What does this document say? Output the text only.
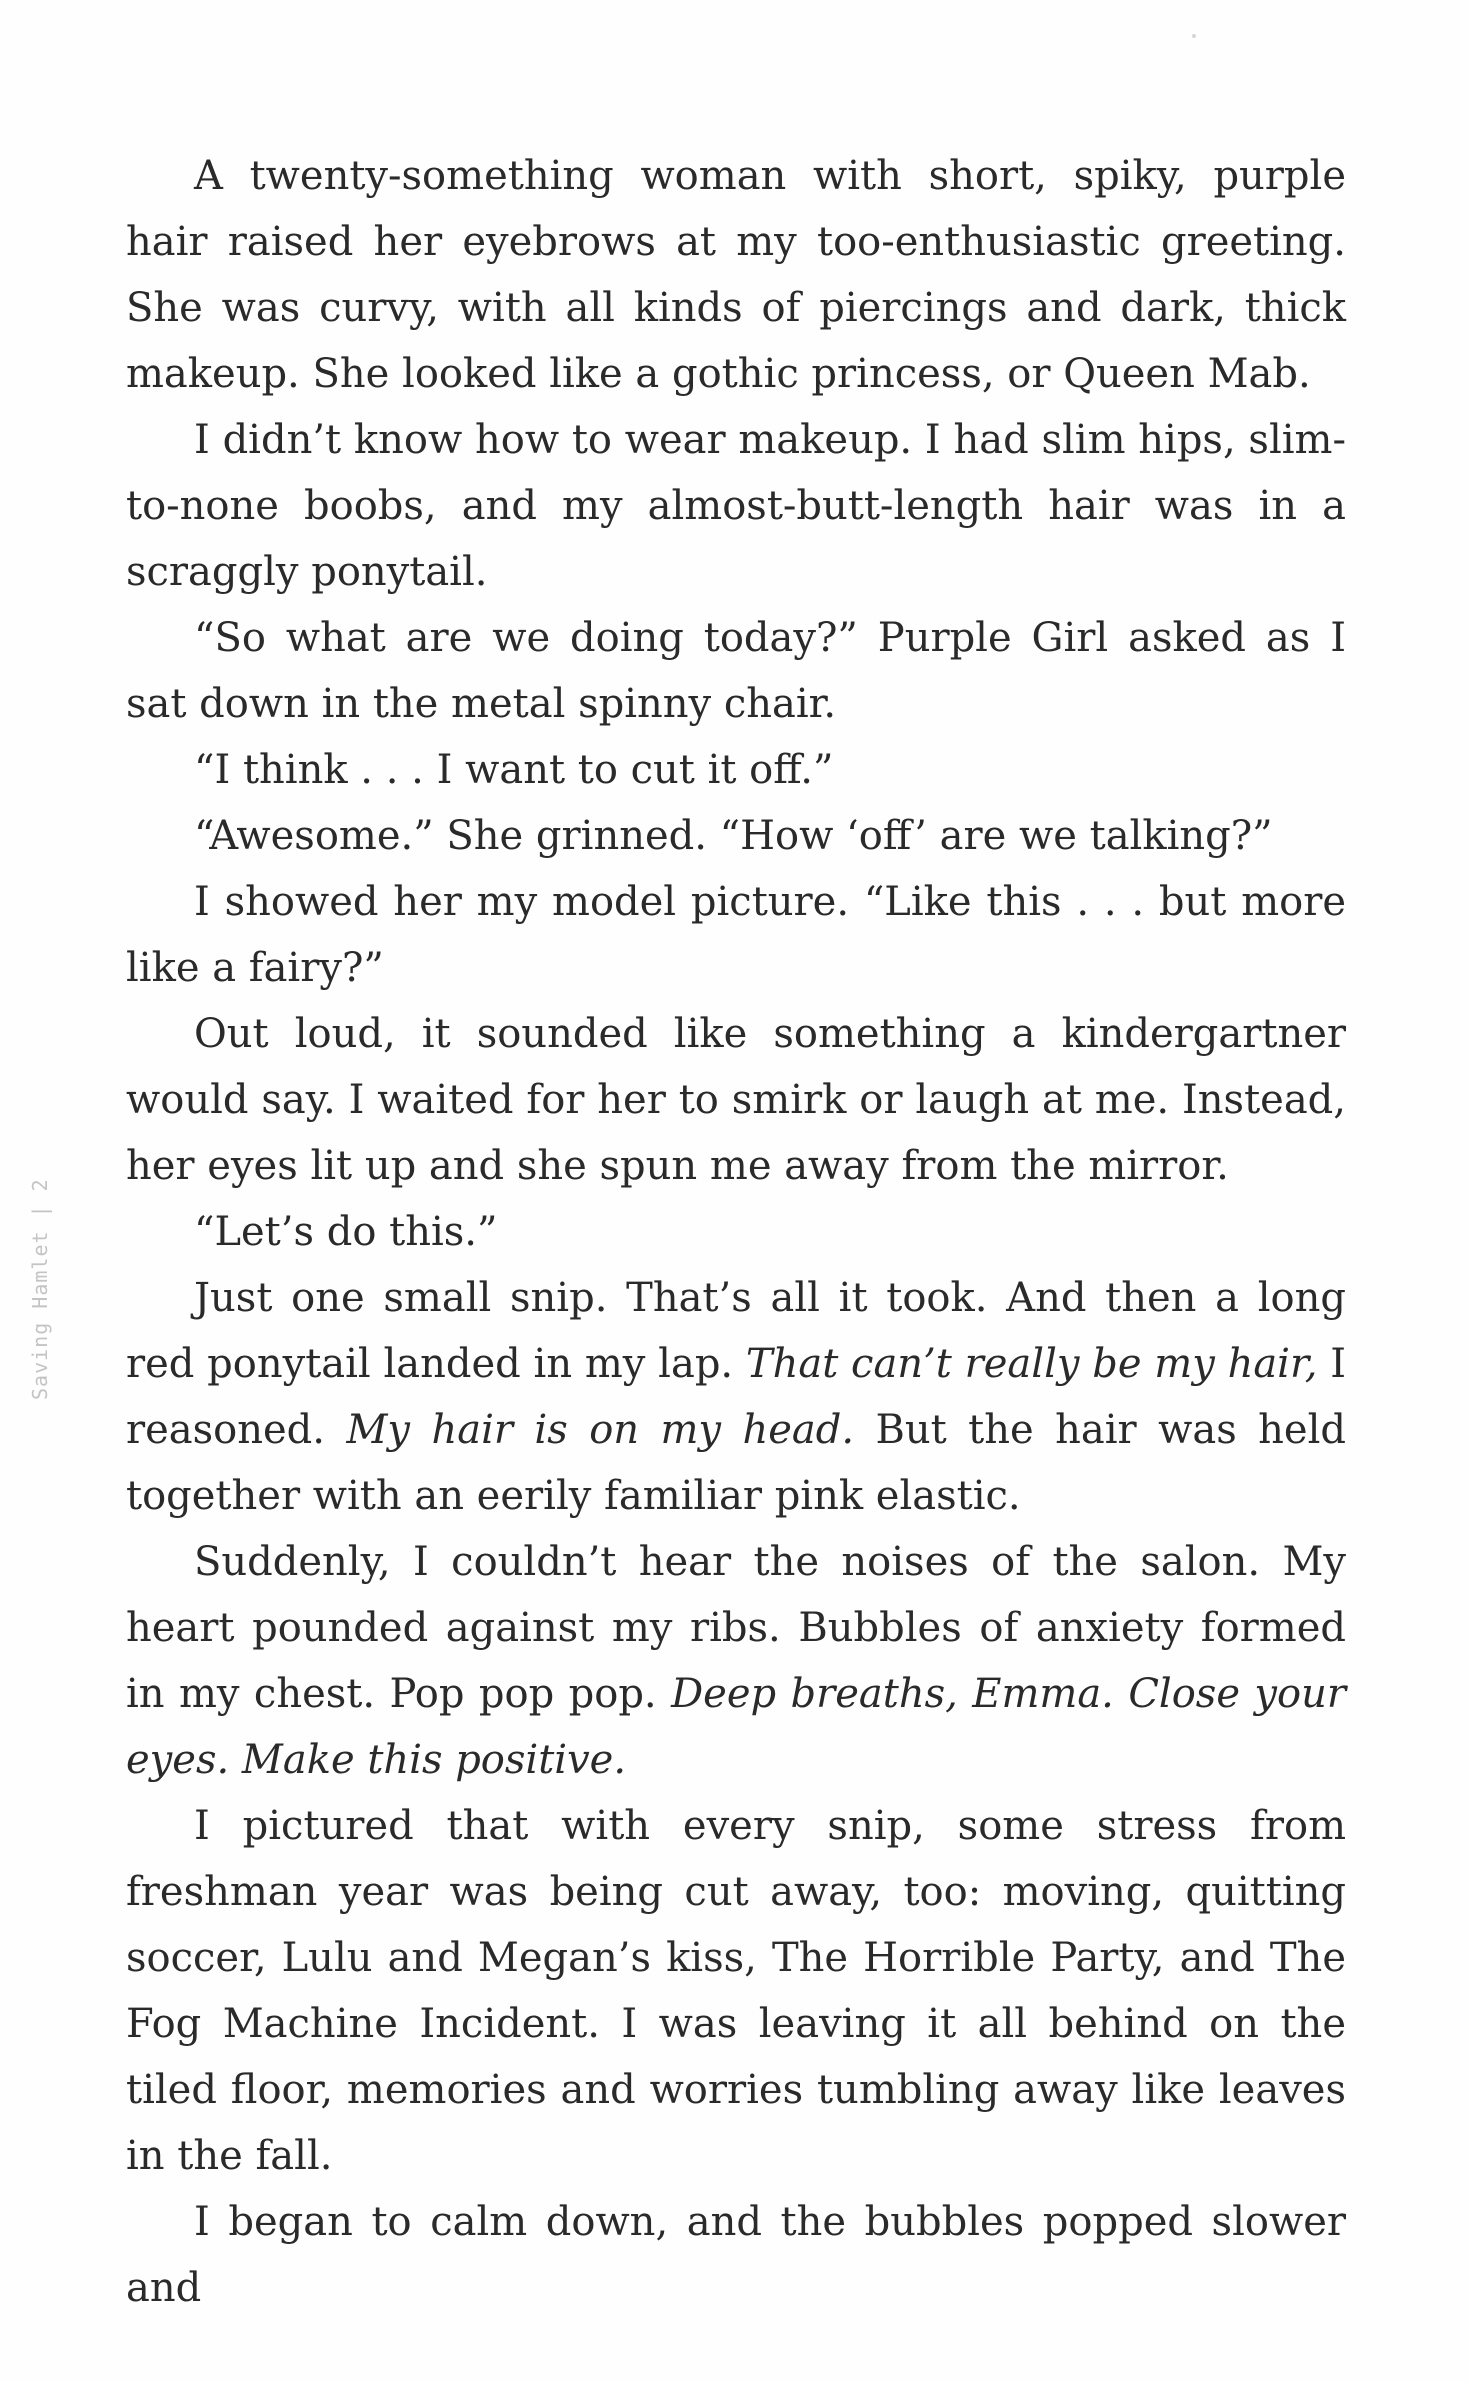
Saving Hamlet | 2

A twenty-something woman with short, spiky, purple hair raised her eyebrows at my too-enthusiastic greeting. She was curvy, with all kinds of piercings and dark, thick makeup. She looked like a gothic princess, or Queen Mab.

I didn’t know how to wear makeup. I had slim hips, slim-to-none boobs, and my almost-butt-length hair was in a scraggly ponytail.

“So what are we doing today?” Purple Girl asked as I sat down in the metal spinny chair.

“I think . . . I want to cut it off.”

“Awesome.” She grinned. “How ‘off’ are we talking?”

I showed her my model picture. “Like this . . . but more like a fairy?”

Out loud, it sounded like something a kindergartner would say. I waited for her to smirk or laugh at me. Instead, her eyes lit up and she spun me away from the mirror.

“Let’s do this.”

Just one small snip. That’s all it took. And then a long red ponytail landed in my lap. That can’t really be my hair, I reasoned. My hair is on my head. But the hair was held together with an eerily familiar pink elastic.

Suddenly, I couldn’t hear the noises of the salon. My heart pounded against my ribs. Bubbles of anxiety formed in my chest. Pop pop pop. Deep breaths, Emma. Close your eyes. Make this positive.

I pictured that with every snip, some stress from freshman year was being cut away, too: moving, quitting soccer, Lulu and Megan’s kiss, The Horrible Party, and The Fog Machine Incident. I was leaving it all behind on the tiled floor, memories and worries tumbling away like leaves in the fall.

I began to calm down, and the bubbles popped slower and
